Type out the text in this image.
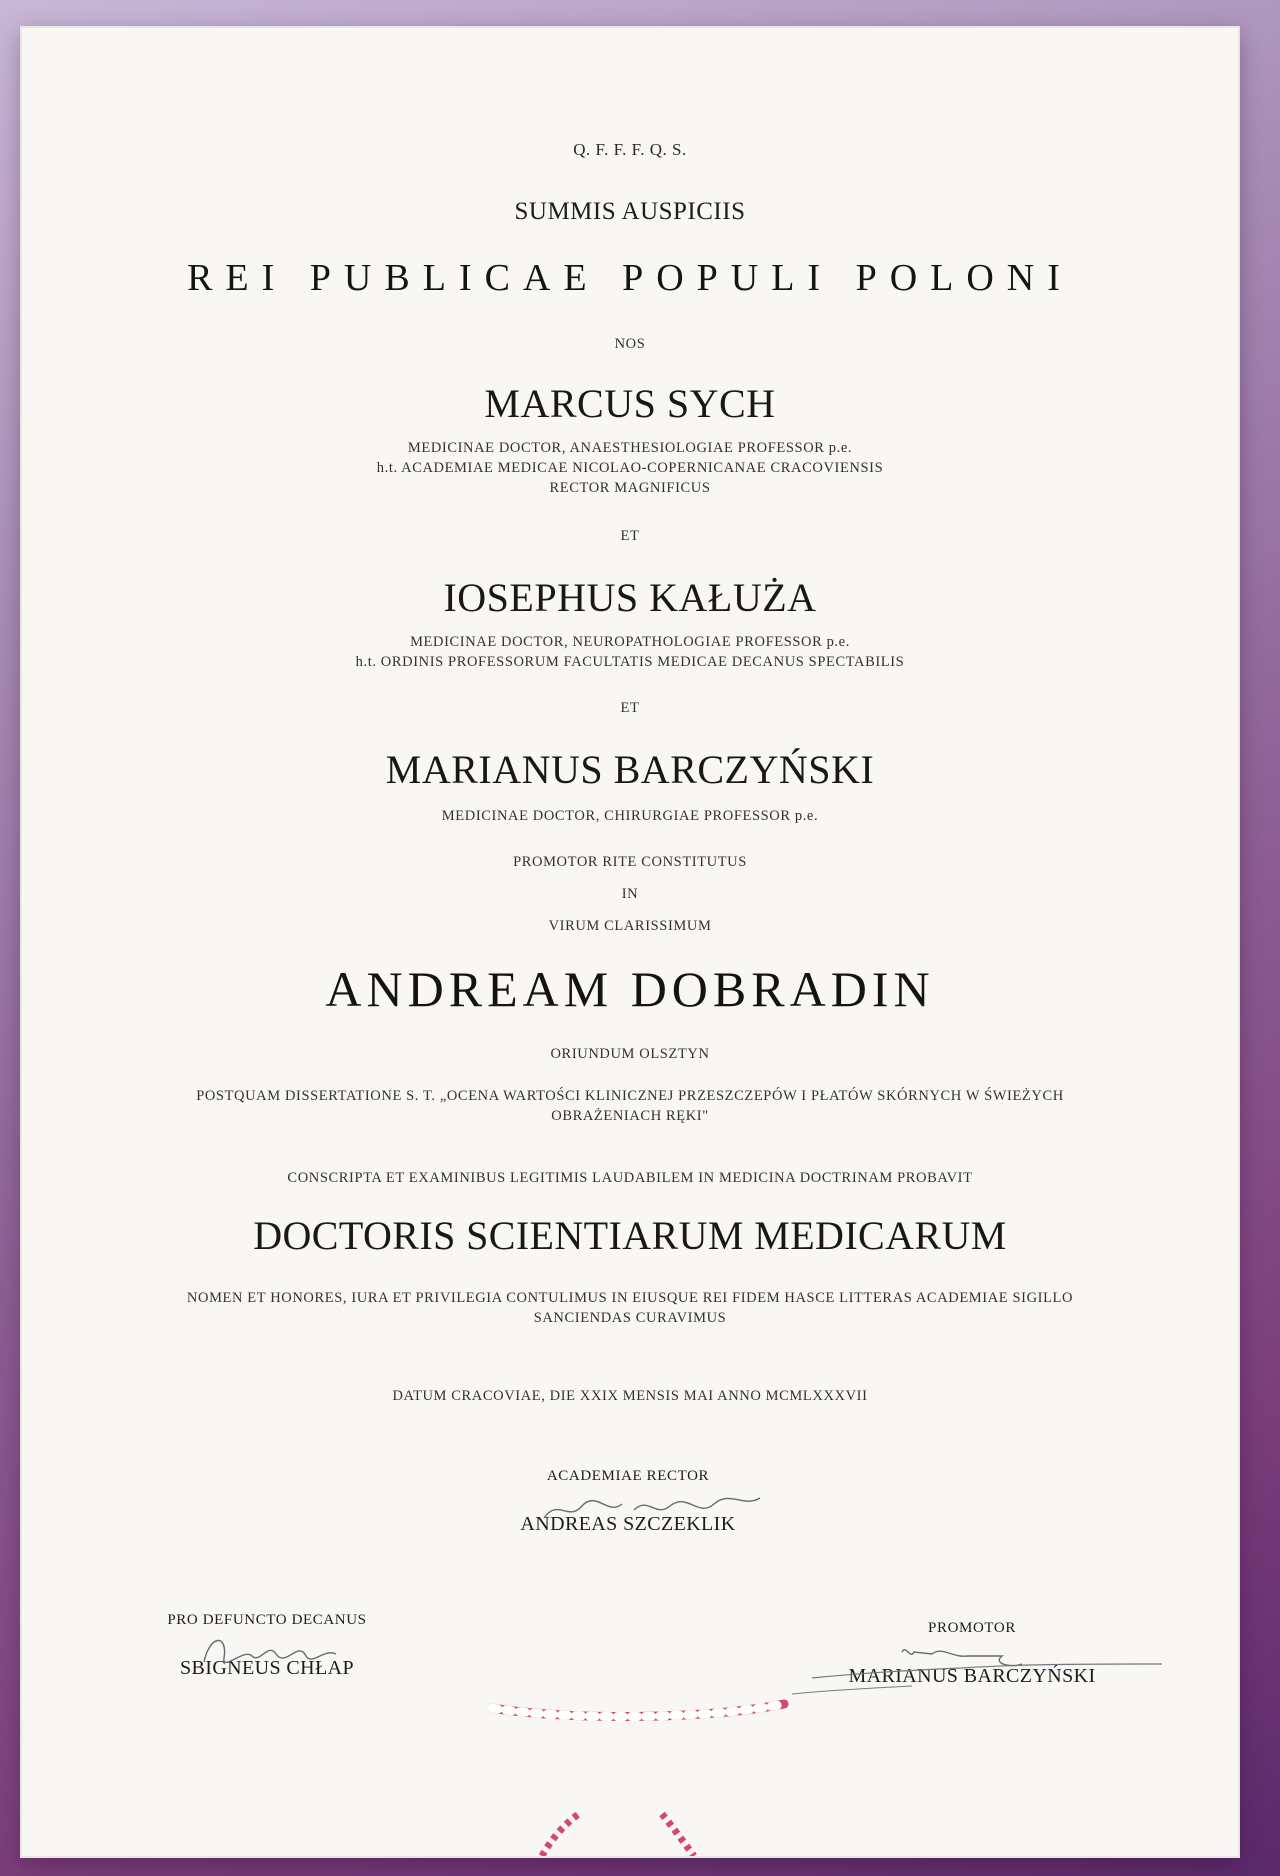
Q. F. F. F. Q. S.

SUMMIS AUSPICIIS

REI PUBLICAE POPULI POLONI

NOS

MARCUS SYCH

MEDICINAE DOCTOR, ANAESTHESIOLOGIAE PROFESSOR p.e.

h.t. ACADEMIAE MEDICAE NICOLAO-COPERNICANAE CRACOVIENSIS

RECTOR MAGNIFICUS

ET

IOSEPHUS KAŁUŻA

MEDICINAE DOCTOR, NEUROPATHOLOGIAE PROFESSOR p.e.

h.t. ORDINIS PROFESSORUM FACULTATIS MEDICAE DECANUS SPECTABILIS

ET

MARIANUS BARCZYŃSKI

MEDICINAE DOCTOR, CHIRURGIAE PROFESSOR p.e.

PROMOTOR RITE CONSTITUTUS

IN

VIRUM CLARISSIMUM

ANDREAM DOBRADIN

ORIUNDUM OLSZTYN

POSTQUAM DISSERTATIONE S. T. „OCENA WARTOŚCI KLINICZNEJ PRZESZCZEPÓW I PŁATÓW SKÓRNYCH W ŚWIEŻYCH

OBRAŻENIACH RĘKI"

CONSCRIPTA ET EXAMINIBUS LEGITIMIS LAUDABILEM IN MEDICINA DOCTRINAM PROBAVIT

DOCTORIS SCIENTIARUM MEDICARUM

NOMEN ET HONORES, IURA ET PRIVILEGIA CONTULIMUS IN EIUSQUE REI FIDEM HASCE LITTERAS ACADEMIAE SIGILLO

SANCIENDAS CURAVIMUS

DATUM CRACOVIAE, DIE XXIX MENSIS MAI ANNO MCMLXXXVII

ACADEMIAE RECTOR
ANDREAS SZCZEKLIK
PRO DEFUNCTO DECANUS
SBIGNEUS CHŁAP
PROMOTOR
MARIANUS BARCZYŃSKI
